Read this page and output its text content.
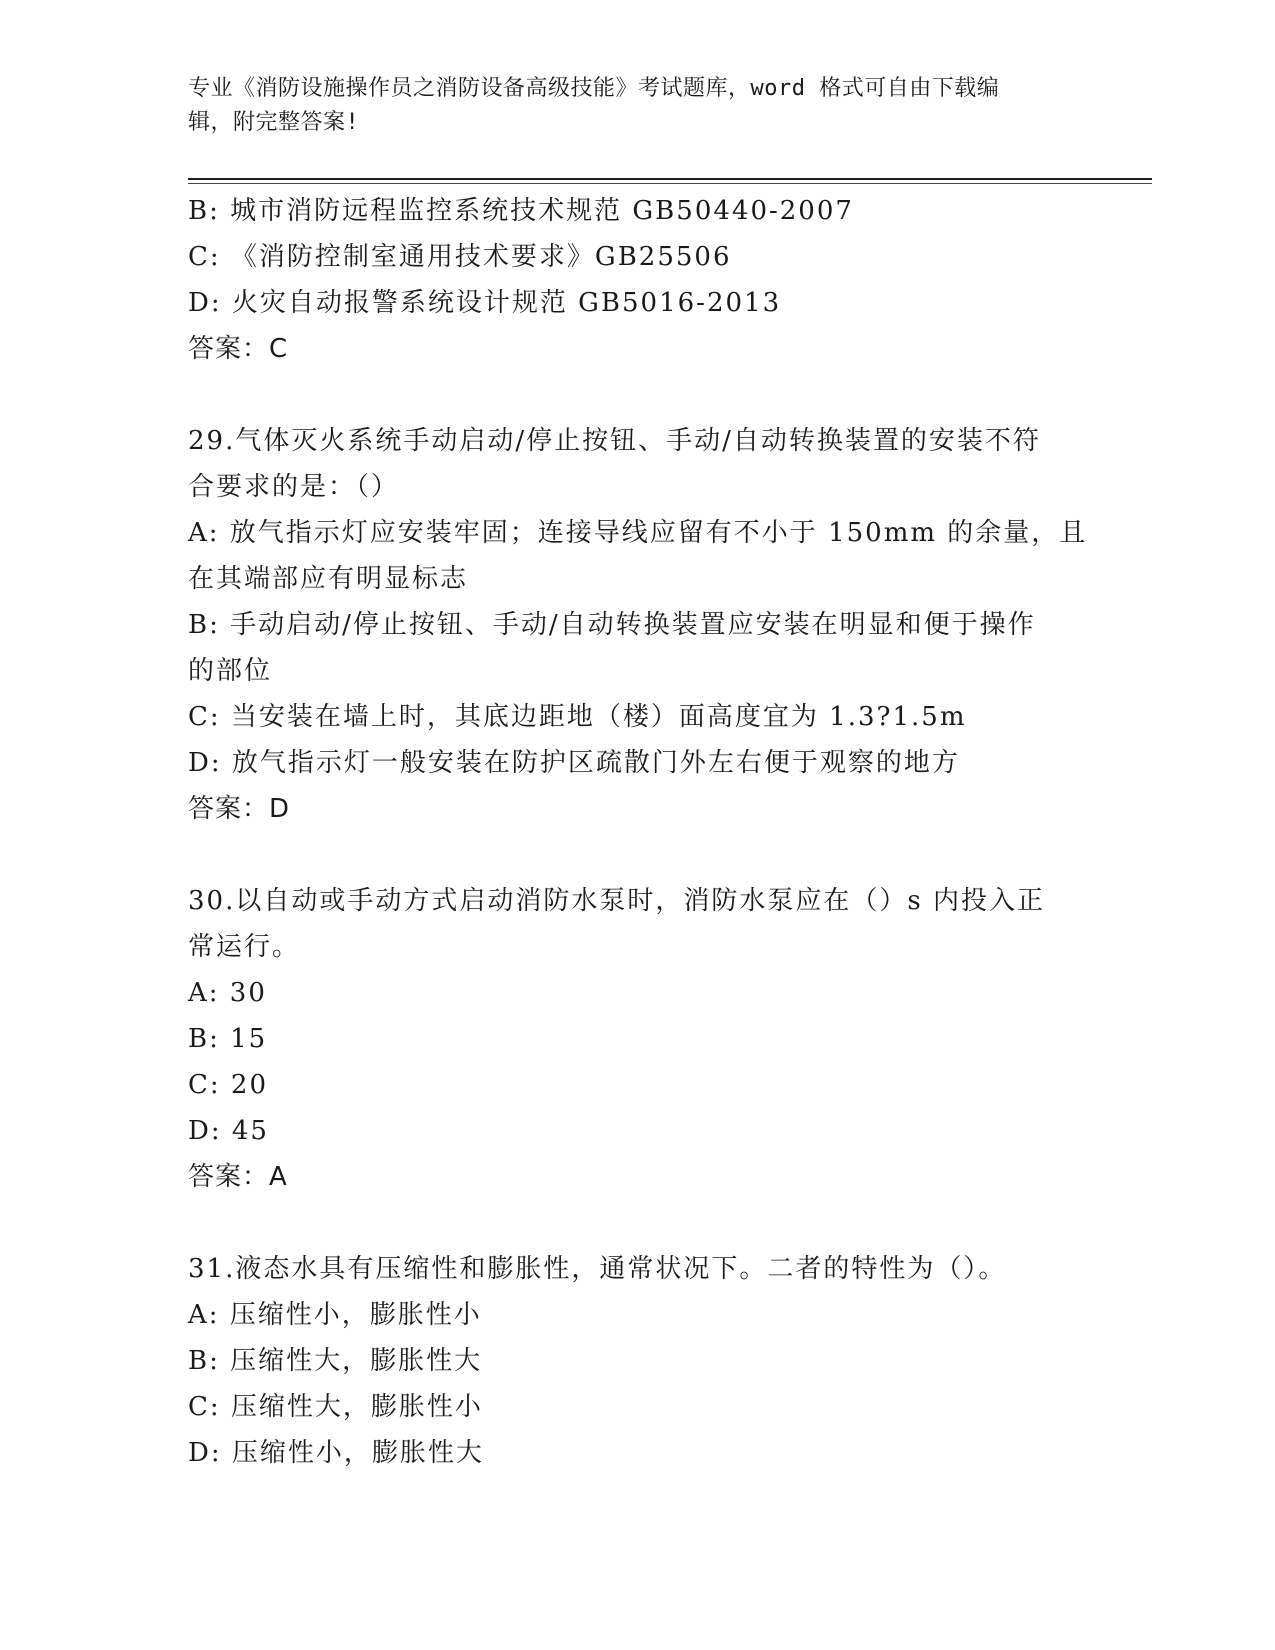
专业《消防设施操作员之消防设备高级技能》考试题库，word 格式可自由下载编
辑，附完整答案!
B: 城市消防远程监控系统技术规范 GB50440-2007
C: 《消防控制室通用技术要求》GB25506
D: 火灾自动报警系统设计规范 GB5016-2013
答案：C
29.气体灭火系统手动启动/停止按钮、手动/自动转换装置的安装不符
合要求的是：（）
A: 放气指示灯应安装牢固；连接导线应留有不小于 150mm 的余量，且
在其端部应有明显标志
B: 手动启动/停止按钮、手动/自动转换装置应安装在明显和便于操作
的部位
C: 当安装在墙上时，其底边距地（楼）面高度宜为 1.3?1.5m
D: 放气指示灯一般安装在防护区疏散门外左右便于观察的地方
答案：D
30.以自动或手动方式启动消防水泵时，消防水泵应在（）s 内投入正
常运行。
A: 30
B: 15
C: 20
D: 45
答案：A
31.液态水具有压缩性和膨胀性，通常状况下。二者的特性为（）。
A: 压缩性小，膨胀性小
B: 压缩性大，膨胀性大
C: 压缩性大，膨胀性小
D: 压缩性小，膨胀性大
